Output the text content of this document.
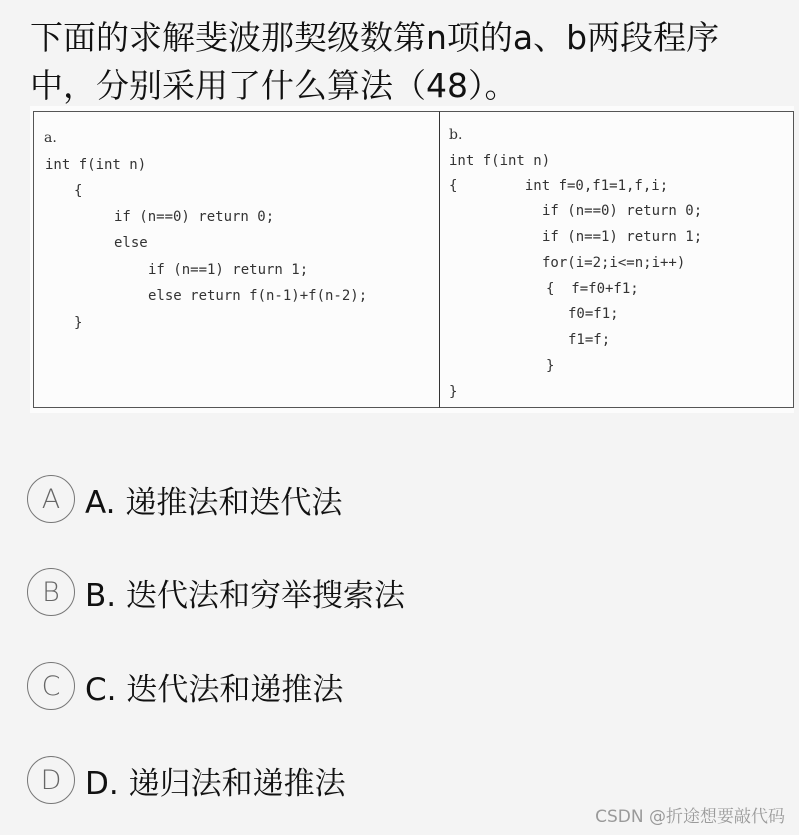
下面的求解斐波那契级数第n项的a、b两段程序中，分别采用了什么算法（48）。
a.
int f(int n)
{
if (n==0) return 0;
else
if (n==1) return 1;
else return f(n-1)+f(n-2);
}
b.
int f(int n)
{        int f=0,f1=1,f,i;
if (n==0) return 0;
if (n==1) return 1;
for(i=2;i<=n;i++)
{  f=f0+f1;
f0=f1;
f1=f;
}
}
A A. 递推法和迭代法
B B. 迭代法和穷举搜索法
C C. 迭代法和递推法
D D. 递归法和递推法
CSDN @折途想要敲代码
